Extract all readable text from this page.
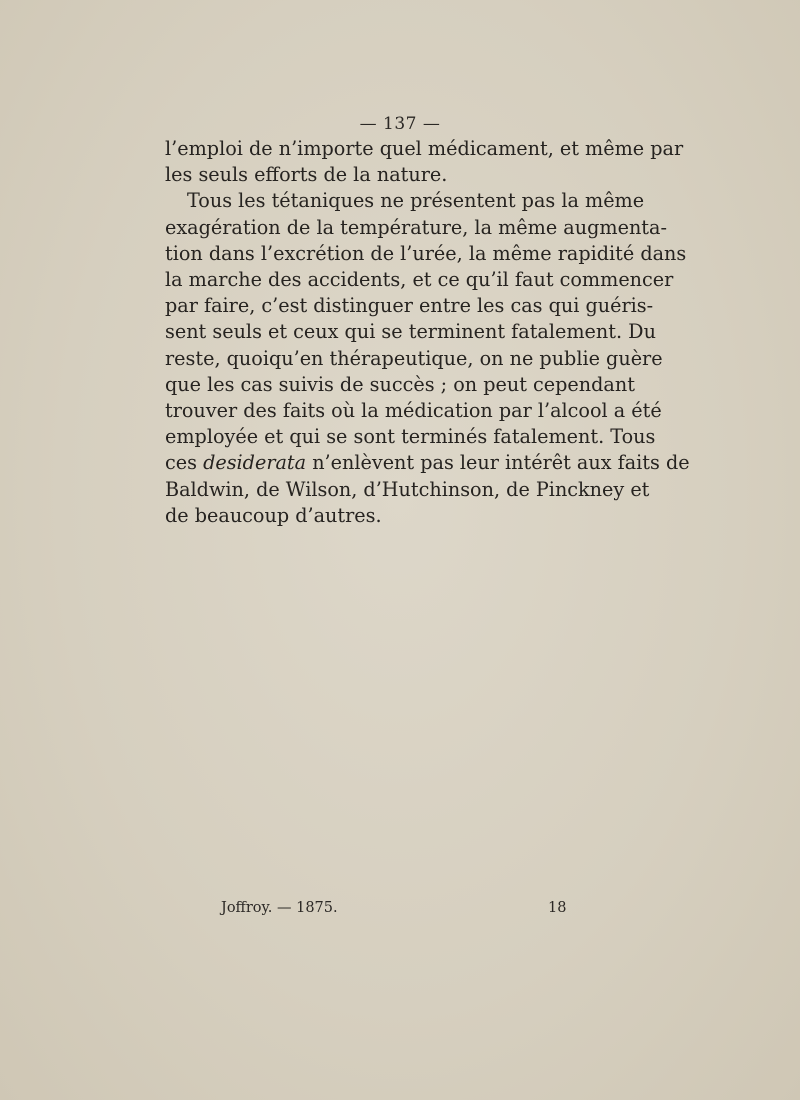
— 137 —

l’emploi de n’importe quel médicament, et même par
les seuls efforts de la nature.

Tous les tétaniques ne présentent pas la même
exagération de la température, la même augmenta-
tion dans l’excrétion de l’urée, la même rapidité dans
la marche des accidents, et ce qu’il faut commencer
par faire, c’est distinguer entre les cas qui guéris-
sent seuls et ceux qui se terminent fatalement. Du
reste, quoiqu’en thérapeutique, on ne publie guère
que les cas suivis de succès ; on peut cependant
trouver des faits où la médication par l’alcool a été
employée et qui se sont terminés fatalement. Tous
ces desiderata n’enlèvent pas leur intérêt aux faits de
Baldwin, de Wilson, d’Hutchinson, de Pinckney et
de beaucoup d’autres.

Joffroy. — 1875.	18
